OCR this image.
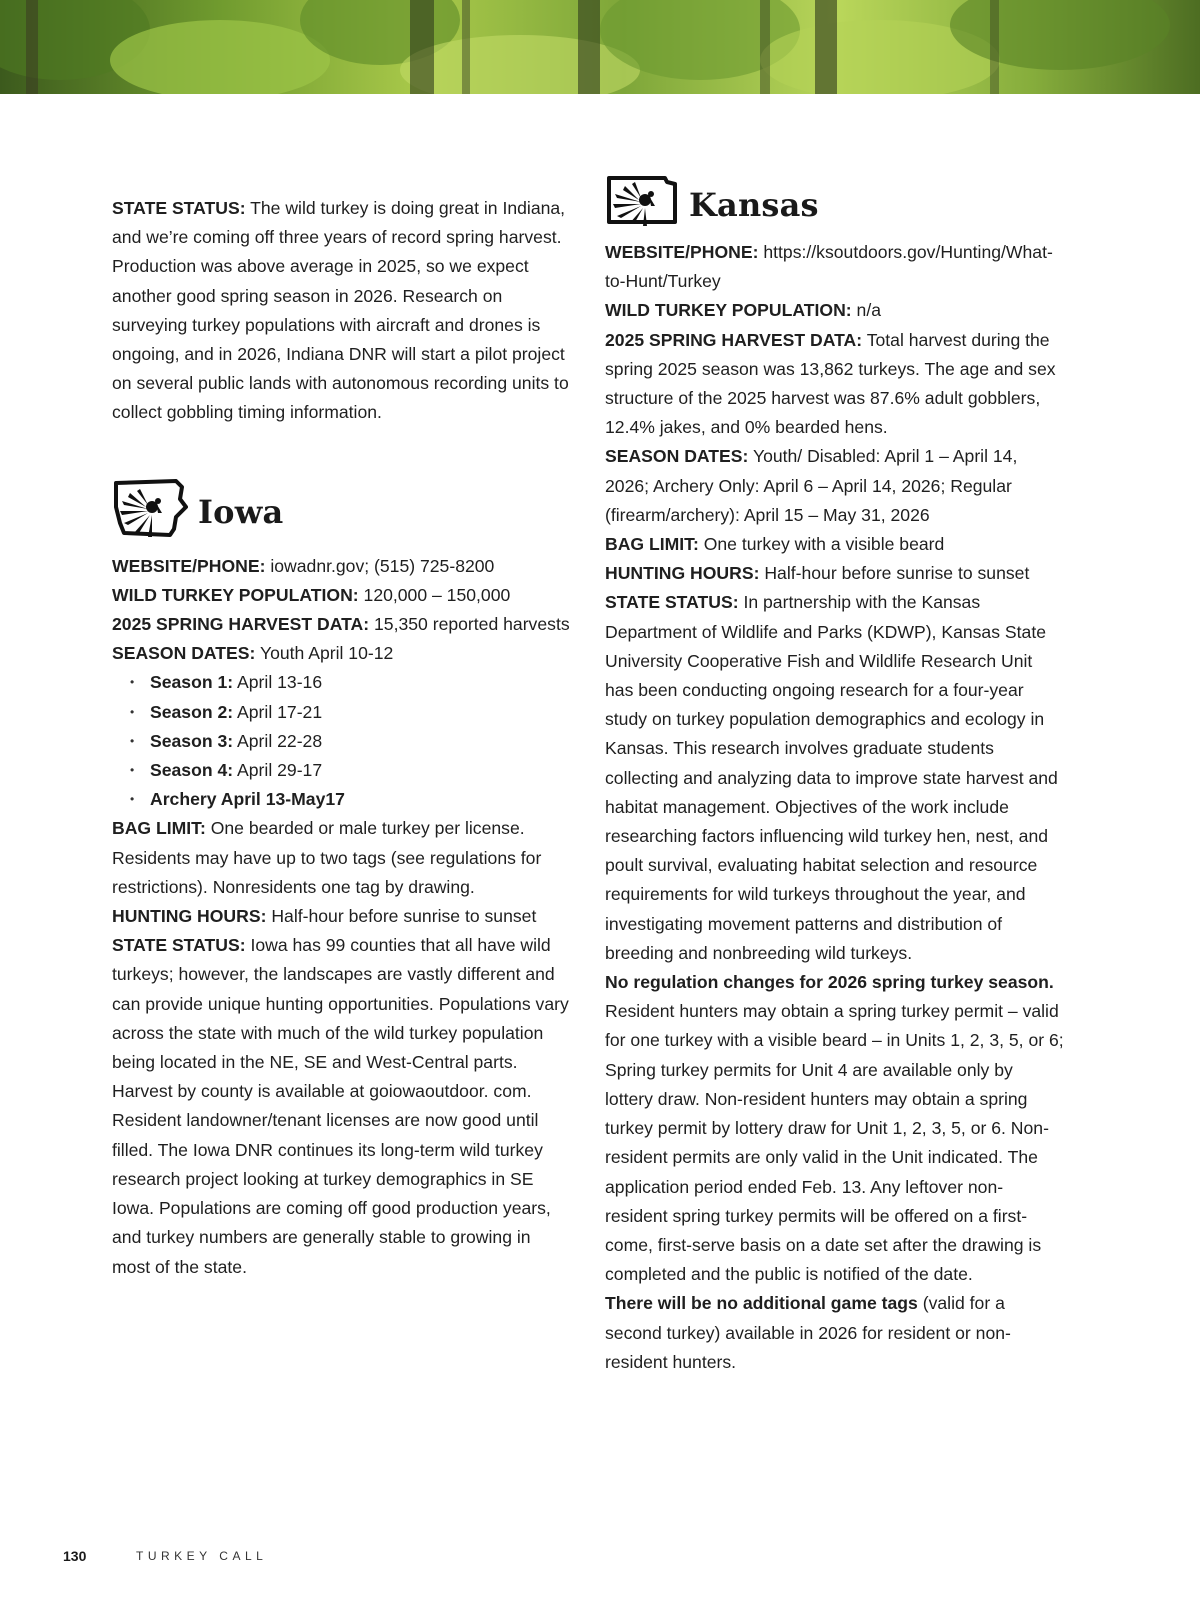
STATE STATUS: The wild turkey is doing great in Indiana, and we’re coming off three years of record spring harvest. Production was above average in 2025, so we expect another good spring season in 2026. Research on surveying turkey populations with aircraft and drones is ongoing, and in 2026, Indiana DNR will start a pilot project on several public lands with autonomous recording units to collect gobbling timing information.

Iowa

WEBSITE/PHONE: iowadnr.gov; (515) 725-8200

WILD TURKEY POPULATION: 120,000 – 150,000

2025 SPRING HARVEST DATA: 15,350 reported harvests

SEASON DATES: Youth April 10-12

• Season 1: April 13-16
• Season 2: April 17-21
• Season 3: April 22-28
• Season 4: April 29-17
• Archery April 13-May17

BAG LIMIT: One bearded or male turkey per license. Residents may have up to two tags (see regulations for restrictions). Nonresidents one tag by drawing.

HUNTING HOURS: Half-hour before sunrise to sunset

STATE STATUS: Iowa has 99 counties that all have wild turkeys; however, the landscapes are vastly different and can provide unique hunting opportunities. Populations vary across the state with much of the wild turkey population being located in the NE, SE and West-Central parts. Harvest by county is available at goiowaoutdoor. com. Resident landowner/tenant licenses are now good until filled. The Iowa DNR continues its long-term wild turkey research project looking at turkey demographics in SE Iowa. Populations are coming off good production years, and turkey numbers are generally stable to growing in most of the state.

Kansas

WEBSITE/PHONE: https://ksoutdoors.gov/Hunting/What-to-Hunt/Turkey

WILD TURKEY POPULATION: n/a

2025 SPRING HARVEST DATA: Total harvest during the spring 2025 season was 13,862 turkeys. The age and sex structure of the 2025 harvest was 87.6% adult gobblers, 12.4% jakes, and 0% bearded hens.

SEASON DATES: Youth/ Disabled: April 1 – April 14, 2026; Archery Only: April 6 – April 14, 2026; Regular (firearm/archery): April 15 – May 31, 2026

BAG LIMIT: One turkey with a visible beard

HUNTING HOURS: Half-hour before sunrise to sunset

STATE STATUS: In partnership with the Kansas Department of Wildlife and Parks (KDWP), Kansas State University Cooperative Fish and Wildlife Research Unit has been conducting ongoing research for a four-year study on turkey population demographics and ecology in Kansas. This research involves graduate students collecting and analyzing data to improve state harvest and habitat management. Objectives of the work include researching factors influencing wild turkey hen, nest, and poult survival, evaluating habitat selection and resource requirements for wild turkeys throughout the year, and investigating movement patterns and distribution of breeding and nonbreeding wild turkeys.

No regulation changes for 2026 spring turkey season. Resident hunters may obtain a spring turkey permit – valid for one turkey with a visible beard – in Units 1, 2, 3, 5, or 6; Spring turkey permits for Unit 4 are available only by lottery draw. Non-resident hunters may obtain a spring turkey permit by lottery draw for Unit 1, 2, 3, 5, or 6. Non-resident permits are only valid in the Unit indicated. The application period ended Feb. 13. Any leftover non-resident spring turkey permits will be offered on a first-come, first-serve basis on a date set after the drawing is completed and the public is notified of the date.

There will be no additional game tags (valid for a second turkey) available in 2026 for resident or non-resident hunters.

130	TURKEY CALL
